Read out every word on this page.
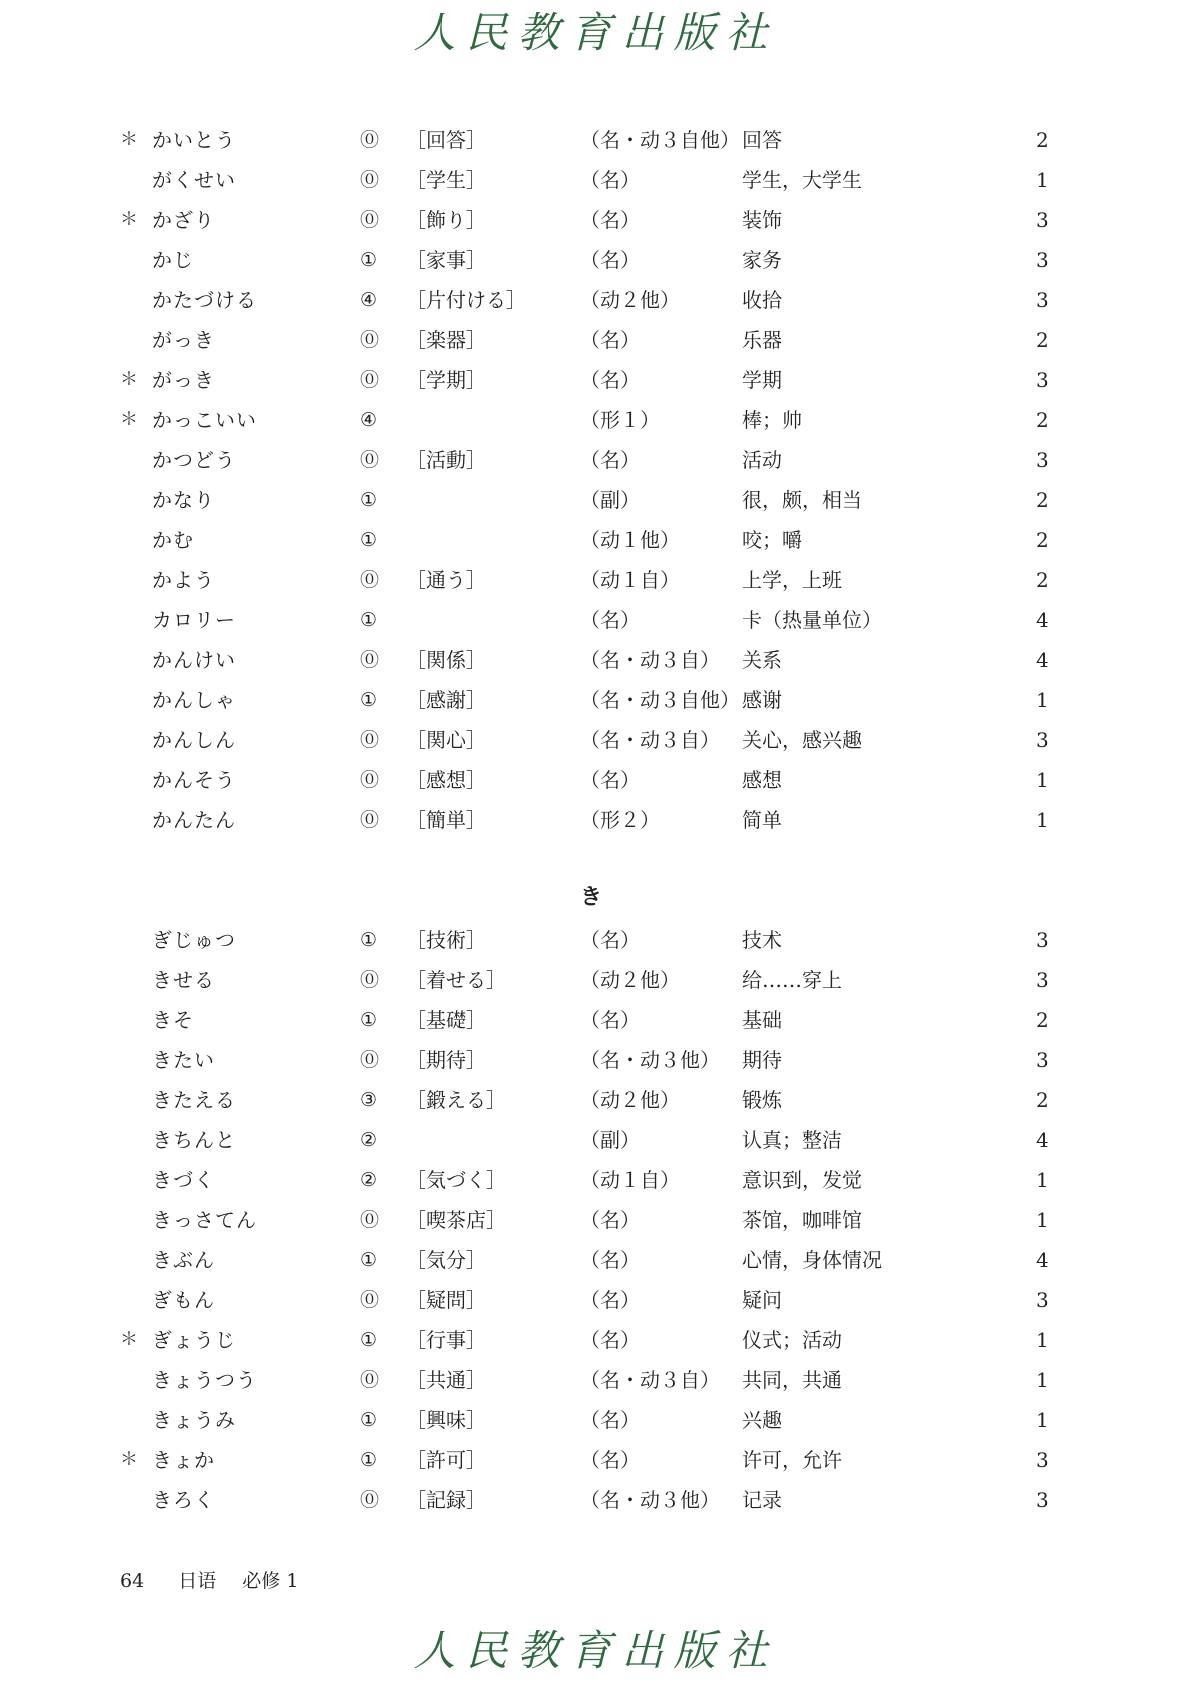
人民教育出版社
＊ かいとう	⓪ ［回答］	（名・动３自他） 回答	2
がくせい	⓪ ［学生］	（名）	学生，大学生	1
＊ かざり	⓪ ［飾り］	（名）	装饰	3
かじ	① ［家事］	（名）	家务	3
かたづける	④ ［片付ける］	（动２他）	收拾	3
がっき	⓪ ［楽器］	（名）	乐器	2
＊ がっき	⓪ ［学期］	（名）	学期	3
＊ かっこいい	④	（形１）	棒；帅	2
かつどう	⓪ ［活動］	（名）	活动	3
かなり	①	（副）	很，颇，相当	2
かむ	①	（动１他）	咬；嚼	2
かよう	⓪ ［通う］	（动１自）	上学，上班	2
カロリー	①	（名）	卡（热量单位）	4
かんけい	⓪ ［関係］	（名・动３自） 关系	4
かんしゃ	① ［感謝］	（名・动３自他） 感谢	1
かんしん	⓪ ［関心］	（名・动３自） 关心，感兴趣	3
かんそう	⓪ ［感想］	（名）	感想	1
かんたん	⓪ ［簡単］	（形２）	简单	1
き
ぎじゅつ	① ［技術］	（名）	技术	3
きせる	⓪ ［着せる］	（动２他）	给……穿上	3
きそ	① ［基礎］	（名）	基础	2
きたい	⓪ ［期待］	（名・动３他） 期待	3
きたえる	③ ［鍛える］	（动２他）	锻炼	2
きちんと	②	（副）	认真；整洁	4
きづく	② ［気づく］	（动１自）	意识到，发觉	1
きっさてん	⓪ ［喫茶店］	（名）	茶馆，咖啡馆	1
きぶん	① ［気分］	（名）	心情，身体情况	4
ぎもん	⓪ ［疑問］	（名）	疑问	3
＊ ぎょうじ	① ［行事］	（名）	仪式；活动	1
きょうつう	⓪ ［共通］	（名・动３自） 共同，共通	1
きょうみ	① ［興味］	（名）	兴趣	1
＊ きょか	① ［許可］	（名）	许可，允许	3
きろく	⓪ ［記録］	（名・动３他） 记录	3
64 日语 必修 1
人民教育出版社
